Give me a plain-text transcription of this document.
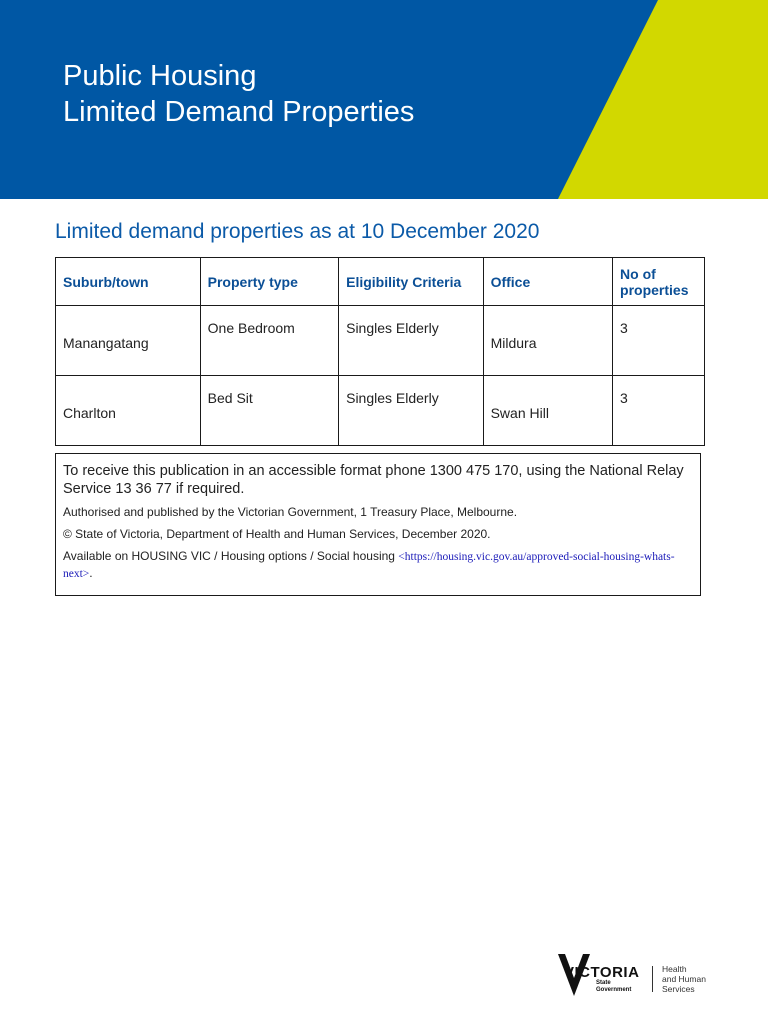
Public Housing
Limited Demand Properties
Limited demand properties as at 10 December 2020
Suburb/town	Property type	Eligibility Criteria	Office	No of properties
Manangatang	One Bedroom	Singles Elderly	Mildura	3
Charlton	Bed Sit	Singles Elderly	Swan Hill	3

To receive this publication in an accessible format phone 1300 475 170, using the National Relay Service 13 36 77 if required.

Authorised and published by the Victorian Government, 1 Treasury Place, Melbourne.

© State of Victoria, Department of Health and Human Services, December 2020.

Available on HOUSING VIC / Housing options / Social housing <https://housing.vic.gov.au/approved-social-housing-whats-next>.

VICTORIA
State
Government
Health
and Human
Services
